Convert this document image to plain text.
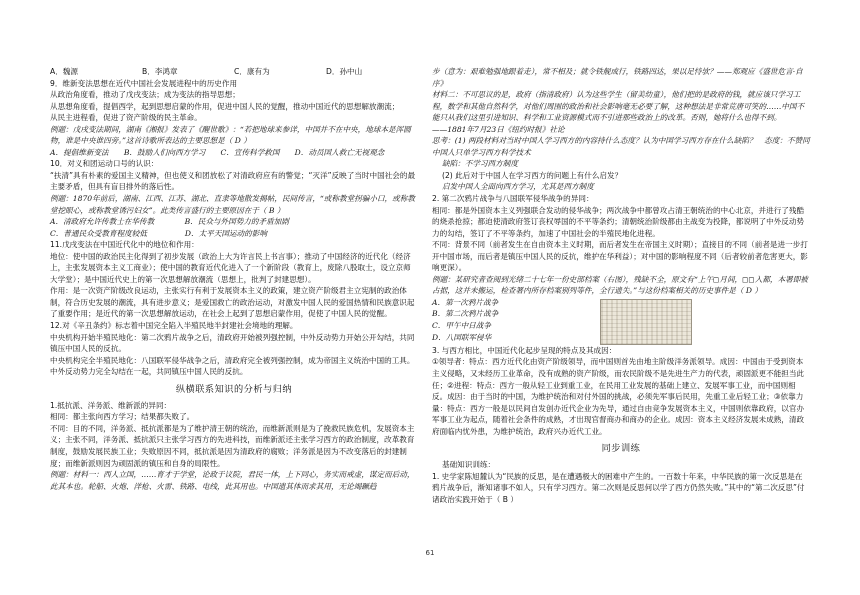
A．魏源	B．李鸿章	C．康有为	D．孙中山

9．维新变法思想在近代中国社会发展进程中的历史作用

从政治角度看，推动了戊戌变法；成为变法的指导思想；

从思想角度看，提倡西学，起到思想启蒙的作用，促进中国人民的觉醒，推动中国近代的思想解放潮流；

从民主进程看，促进了资产阶级的民主革命。

例题：戊戌变法期间，湖南《湘报》发表了《醒世歌》：“若把地球来参详，中国并不在中央，地球本是浑圆物，谁是中央谁四旁。”这首诗歌所表达的主要思想是（ D ）

A．提倡维新变法　　B．鼓励人们向西方学习　　C．宣传科学救国　　D．动员国人救亡无视观念

10．对义和团运动口号的认识：

“扶清”具有朴素的爱国主义精神，但也使义和团放松了对清政府应有的警觉；“灭洋”反映了当时中国社会的最主要矛盾，但具有盲目排外的落后性。

例题：1870年前后，湖南、江西、江苏、湖北、直隶等地散发揭帖，民间传言，“或称教堂拐骗小口，或称教堂挖眼心，或称教堂诱污妇女”。此类传言盛行的主要原因在于（ B ）

A．清政府允许传教士在华传教　　　　B．民众与外国势力的矛盾加剧

C．普通民众受教育程度较低　　　　　D．太平天国运动的影响

11.戊戌变法在中国近代化中的地位和作用：

地位：使中国的政治民主化得到了初步发展（政治上大为许言民上书言事）；推动了中国经济的近代化（经济上，主张发展资本主义工商业）；使中国的教育近代化进入了一个新阶段（教育上，废除八股取士，设立京师大学堂）；是中国近代史上的第一次思想解放潮流（思想上，批判了封建思想）。

作用：是一次资产阶级改良运动，主张实行有利于发展资本主义的政策，建立资产阶级君主立宪制的政治体制，符合历史发展的潮流，具有进步意义；是爱国救亡的政治运动，对激发中国人民的爱国热情和民族意识起了重要作用；是近代的第一次思想解放运动，在社会上起到了思想启蒙作用，促使了中国人民的觉醒。

12.对《辛丑条约》标志着中国完全陷入半殖民地半封建社会境地的理解。

中央机构开始半殖民地化：第二次鸦片战争之后，清政府开始被列强控制，中外反动势力开始公开勾结，共同镇压中国人民的反抗。

中央机构完全半殖民地化：八国联军侵华战争之后，清政府完全被列强控制，成为帝国主义统治中国的工具。中外反动势力完全勾结在一起，共同镇压中国人民的反抗。

纵横联系知识的分析与归纳

1.抵抗派、洋务派、维新派的异同：

相同：都主张向西方学习；结果都失败了。

不同：目的不同，洋务派、抵抗派都是为了维护清王朝的统治，而维新派则是为了挽救民族危机，发展资本主义；主张不同，洋务派、抵抗派只主张学习西方的先进科技，而维新派还主张学习西方的政治制度，改革教育制度，鼓励发展民族工业；失败原因不同，抵抗派是因为清政府的腐败；洋务派是因为不改变落后的封建制度；而维新派则因为顽固派的镇压和自身的局限性。

例题：材料一：西人立国，……育才于学堂，论政于议院，君民一体，上下同心，务实而戒虚，谋定而后动，此其本也。轮船、火炮、洋枪、火雷、铁路、电线，此其用也。中国遗其体而求其用，无论竭蹶趋

步（意为：艰难勉强地跟着走），常不相及；就令铁舰成行，铁路四达，果以足恃欤？——郑观应《盛世危言·自序》

材料二：不可思议的是，政府（指清政府）认为这些学生（留美幼童），他们把的是政府的钱，就应该只学习工程，数学和其他自然科学，对他们周围的政治和社会影响毫无必要了解，这种想法是非常荒唐可笑的……中国不能只从我们这里引进知识、科学和工业资源模式而不引进那些政治上的改革。否则，她将什么也得不到。　　　　　　　　——1881年7月23日《纽约时报》社论

思考：(1) 两段材料对当时中国人学习西方的内容持什么态度？认为中国学习西方存在什么缺陷？　态度：不赞同中国人只单学习西方科学技术

缺陷：不学习西方制度

(2) 此后对于中国人在学习西方的问题上有什么启发？

启发中国人全面向西方学习，尤其是西方制度

2. 第二次鸦片战争与八国联军侵华战争的异同：

相同：都是外国资本主义列强联合发动的侵华战争；两次战争中都曾攻占清王朝统治的中心北京，并进行了残酷的烧杀抢掠；都迫使清政府签订丧权辱国的不平等条约；清朝统治阶级都由主战变为投降，都说明了中外反动势力的勾结，签订了不平等条约，加速了中国社会的半殖民地化进程。

不同：背景不同（前者发生在自由资本主义时期，而后者发生在帝国主义时期）；直接目的不同（前者是进一步打开中国市场，而后者是镇压中国人民的反抗，维护在华利益）；对中国的影响程度不同（后者较前者危害更大，影响更深）。

例题：某研究者查阅到光绪二十七年一份史部档案（右图），残缺不全，原文有“上午◻月间，◻◻入都，本署即被占据，这并未搬运，检查署内所存档案别列等件，全行遗失。”与这份档案相关的历史事件是（ D ）

A．第一次鸦片战争

B．第二次鸦片战争

C．甲午中日战争

D．八国联军侵华

3. 与西方相比，中国近代化起步呈现的特点及其成因：

①领导者：特点：西方近代化由资产阶级领导，而中国则首先由地主阶级洋务派领导。成因：中国由于受到资本主义侵略，又未经历工业革命，没有成熟的资产阶级，而农民阶级不是先进生产力的代表，顽固派更不能担当此任；②进程：特点：西方一般从轻工业到重工业，在民用工业发展的基础上建立、发展军事工业，而中国则相反。成因：由于当时的中国，为维护统治和对付外国的挑战，必须先军事后民用，先重工业后轻工业；③依靠力量：特点：西方一般是以民间自发创办近代企业为先导，通过自由竞争发展资本主义，中国则依靠政府，以官办军事工业为起点，随着社会条件的成熟，才出现官督商办和商办的企业。成因：资本主义经济发展未成熟，清政府面临内忧外患，为维护统治，政府兴办近代工业。

同步训练

基础知识训练：

1. 史学家陈旭麓认为“民族的反思，是在遭遇极大的困难中产生的。一百数十年来，中华民族的第一次反思是在鸦片战争后，渐知诸事不如人，只有学习西方。第二次则是反思何以学了西方仍然失败。”其中的“第二次反思”付诸政治实践开始于（ B ）

61
